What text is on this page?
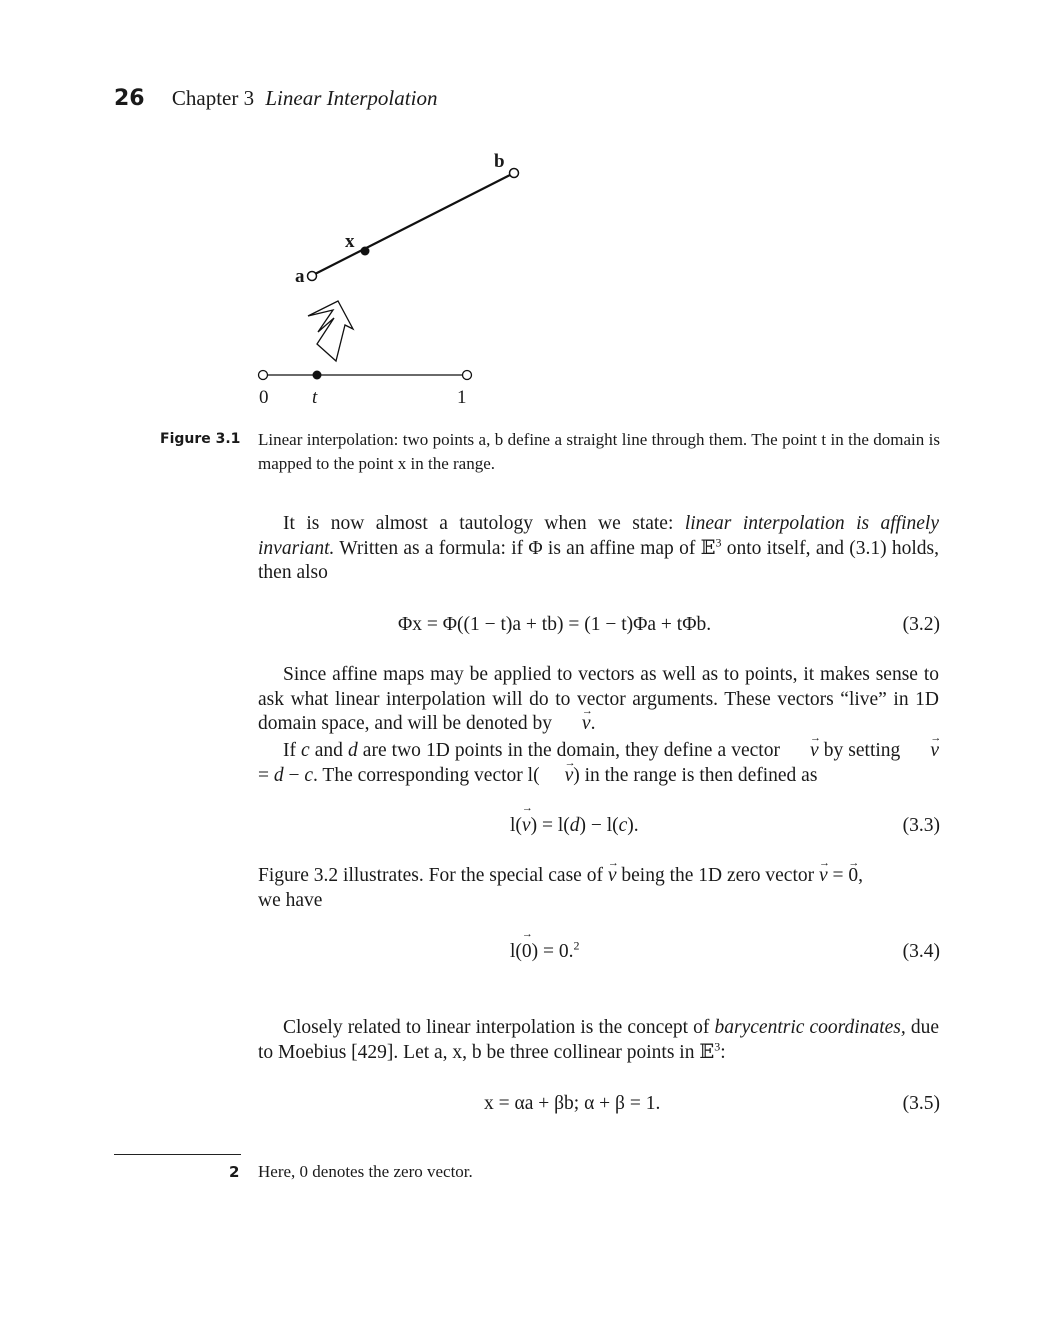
26 Chapter 3 Linear Interpolation
b
x
a
0 t	1
Figure 3.1 Linear interpolation: two points a, b define a straight line through them. The point t in the domain is mapped to the point x in the range.

It is now almost a tautology when we state: linear interpolation is affinely invariant. Written as a formula: if Φ is an affine map of 𝔼$^3$ onto itself, and (3.1) holds, then also

Φx = Φ((1 − t)a + tb) = (1 − t)Φa + tΦb.	(3.2)

Since affine maps may be applied to vectors as well as to points, it makes sense to ask what linear interpolation will do to vector arguments. These vectors “live” in 1D domain space, and will be denoted by → v.

If c and d are two 1D points in the domain, they define a vector → v by setting → v = d − c. The corresponding vector l( → v) in the range is then defined as

l(→ v) = l(d) − l(c).	(3.3)

Figure 3.2 illustrates. For the special case of → v being the 1D zero vector → v = → 0,
we have

l(→ 0) = 0.$^2$	(3.4)

Closely related to linear interpolation is the concept of barycentric coordinates, due to Moebius [429]. Let a, x, b be three collinear points in 𝔼$^3$:

x = αa + βb; α + β = 1.	(3.5)
2 Here, 0 denotes the zero vector.
